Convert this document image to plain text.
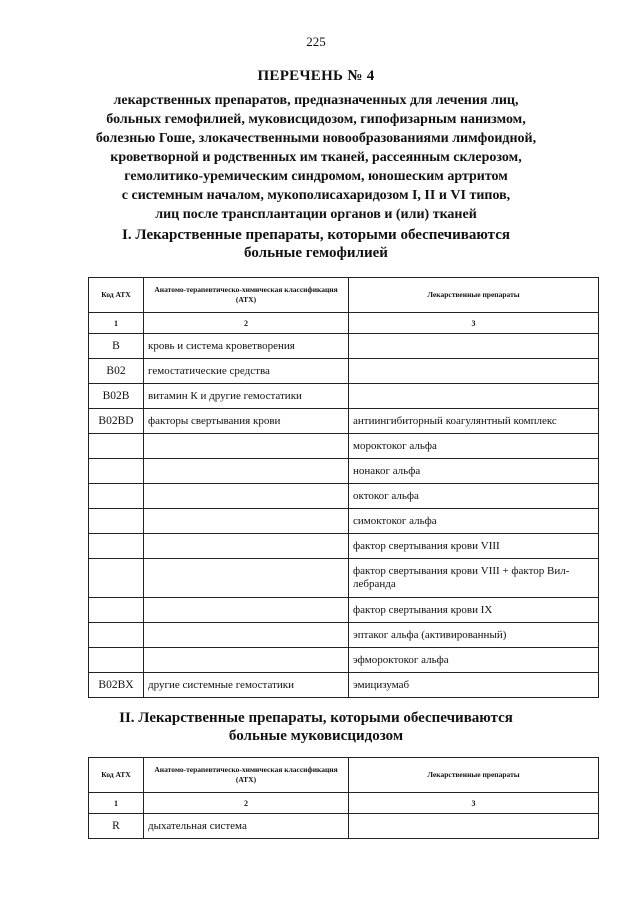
225
ПЕРЕЧЕНЬ № 4
лекарственных препаратов, предназначенных для лечения лиц,
больных гемофилией, муковисцидозом, гипофизарным нанизмом,
болезнью Гоше, злокачественными новообразованиями лимфоидной,
кроветворной и родственных им тканей, рассеянным склерозом,
гемолитико-уремическим синдромом, юношеским артритом
с системным началом, мукополисахаридозом I, II и VI типов,
лиц после трансплантации органов и (или) тканей
I. Лекарственные препараты, которыми обеспечиваются
больные гемофилией
Код АТХ	Анатомо-терапевтическо-химическая классификация (АТХ)	Лекарственные препараты
1	2	3
B	кровь и система кроветворения	
B02	гемостатические средства	
B02B	витамин К и другие гемостатики	
B02BD	факторы свертывания крови	антиингибиторный коагулянтный комплекс
		мороктоког альфа
		нонаког альфа
		октоког альфа
		симоктоког альфа
		фактор свертывания крови VIII

		фактор свертывания крови VIII + фактор Вил-
лебранда

		фактор свертывания крови IX
		эптаког альфа (активированный)
		эфмороктоког альфа
B02BX	другие системные гемостатики	эмицизумаб
II. Лекарственные препараты, которыми обеспечиваются
больные муковисцидозом
Код АТХ	Анатомо-терапевтическо-химическая классификация (АТХ)	Лекарственные препараты
1	2	3
R	дыхательная система	
